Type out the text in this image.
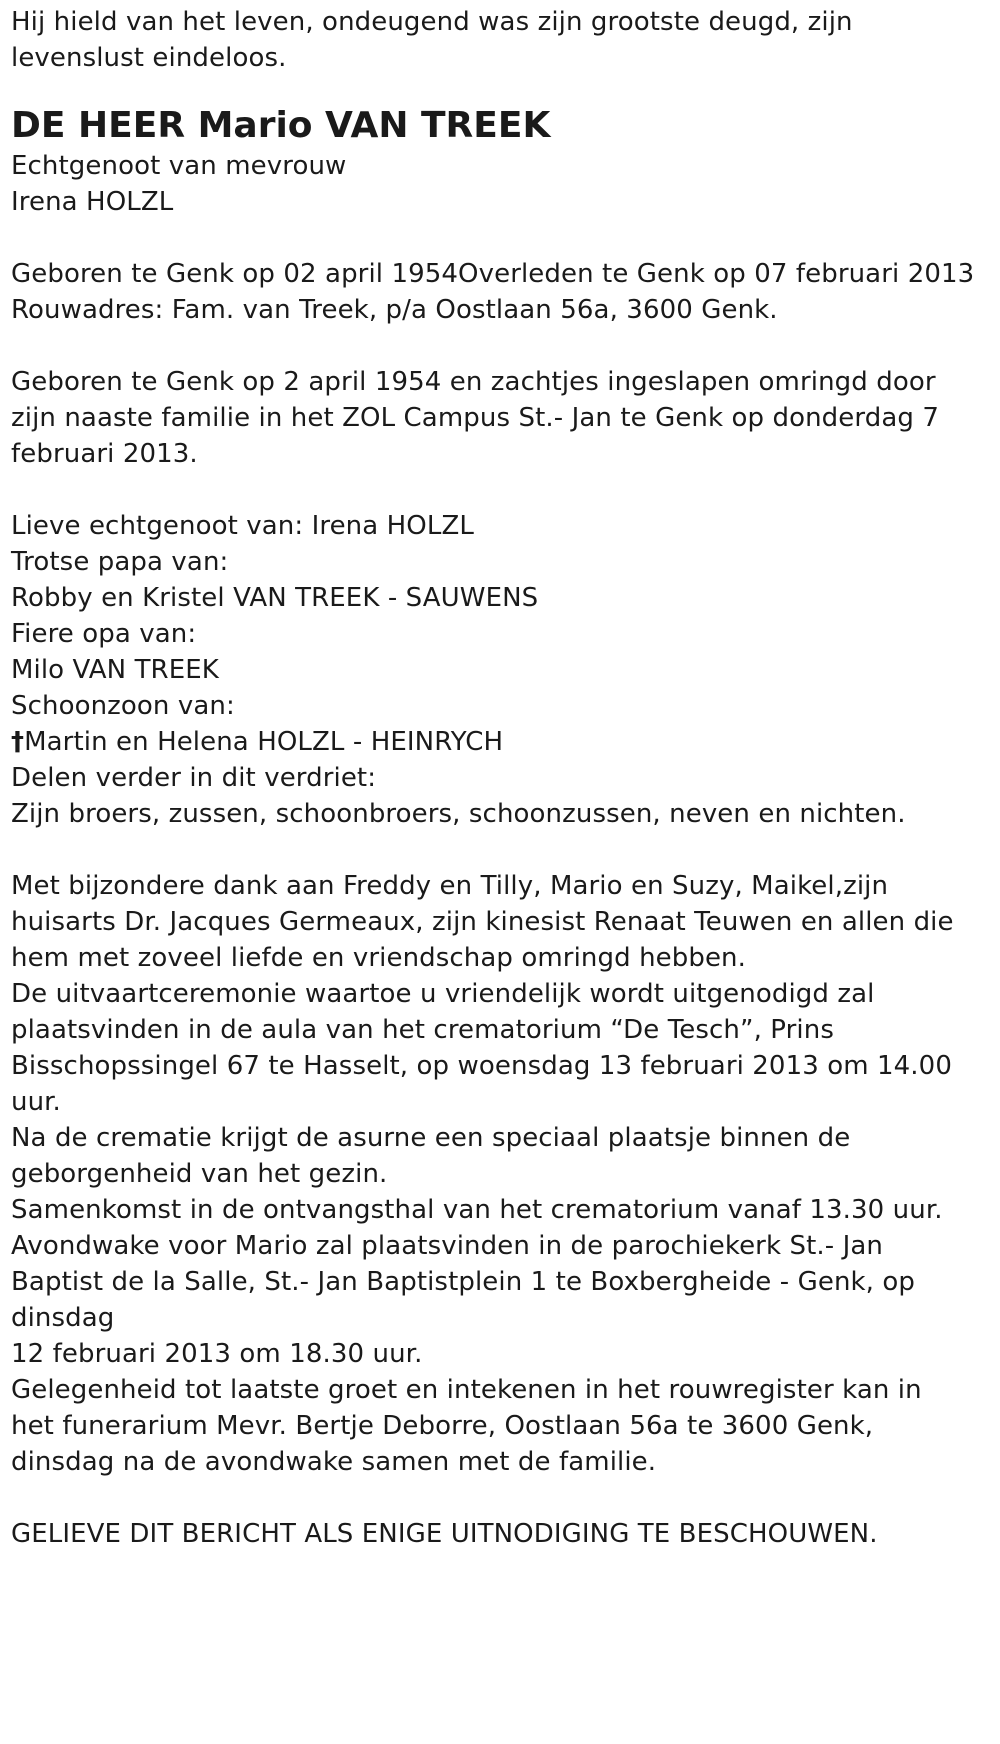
Hij hield van het leven, ondeugend was zijn grootste deugd, zijn
levenslust eindeloos.
DE HEER Mario VAN TREEK
Echtgenoot van mevrouw
Irena HOLZL
Geboren te Genk op 02 april 1954Overleden te Genk op 07 februari 2013
Rouwadres: Fam. van Treek, p/a Oostlaan 56a, 3600 Genk.
Geboren te Genk op 2 april 1954 en zachtjes ingeslapen omringd door
zijn naaste familie in het ZOL Campus St.- Jan te Genk op donderdag 7
februari 2013.
Lieve echtgenoot van: Irena HOLZL
Trotse papa van:
Robby en Kristel VAN TREEK - SAUWENS
Fiere opa van:
Milo VAN TREEK
Schoonzoon van:
†Martin en Helena HOLZL - HEINRYCH
Delen verder in dit verdriet:
Zijn broers, zussen, schoonbroers, schoonzussen, neven en nichten.
Met bijzondere dank aan Freddy en Tilly, Mario en Suzy, Maikel,zijn
huisarts Dr. Jacques Germeaux, zijn kinesist Renaat Teuwen en allen die
hem met zoveel liefde en vriendschap omringd hebben.
De uitvaartceremonie waartoe u vriendelijk wordt uitgenodigd zal
plaatsvinden in de aula van het crematorium “De Tesch”, Prins
Bisschopssingel 67 te Hasselt, op woensdag 13 februari 2013 om 14.00
uur.
Na de crematie krijgt de asurne een speciaal plaatsje binnen de
geborgenheid van het gezin.
Samenkomst in de ontvangsthal van het crematorium vanaf 13.30 uur.
Avondwake voor Mario zal plaatsvinden in de parochiekerk St.- Jan
Baptist de la Salle, St.- Jan Baptistplein 1 te Boxbergheide - Genk, op
dinsdag
12 februari 2013 om 18.30 uur.
Gelegenheid tot laatste groet en intekenen in het rouwregister kan in
het funerarium Mevr. Bertje Deborre, Oostlaan 56a te 3600 Genk,
dinsdag na de avondwake samen met de familie.
GELIEVE DIT BERICHT ALS ENIGE UITNODIGING TE BESCHOUWEN.
